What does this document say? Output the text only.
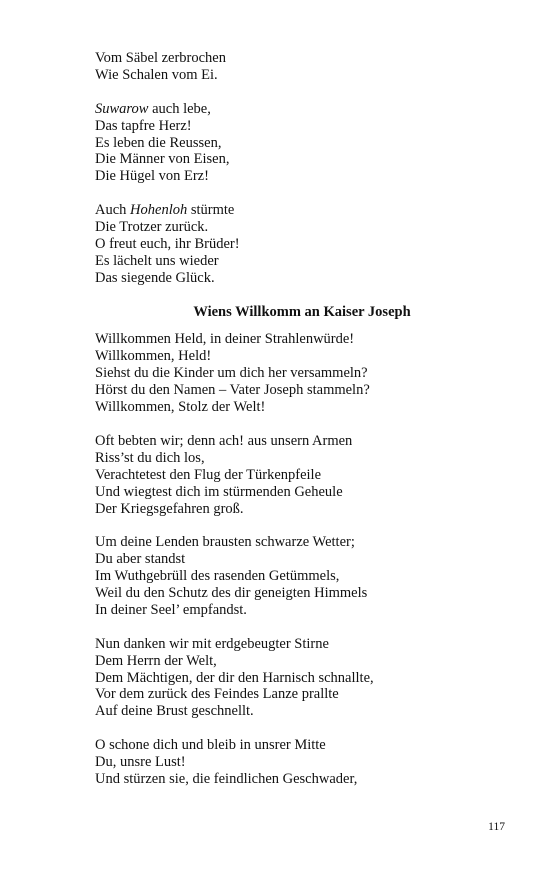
Vom Säbel zerbrochen
Wie Schalen vom Ei.
Suwarow auch lebe,
Das tapfre Herz!
Es leben die Reussen,
Die Männer von Eisen,
Die Hügel von Erz!
Auch Hohenloh stürmte
Die Trotzer zurück.
O freut euch, ihr Brüder!
Es lächelt uns wieder
Das siegende Glück.
Wiens Willkomm an Kaiser Joseph
Willkommen Held, in deiner Strahlenwürde!
Willkommen, Held!
Siehst du die Kinder um dich her versammeln?
Hörst du den Namen – Vater Joseph stammeln?
Willkommen, Stolz der Welt!
Oft bebten wir; denn ach! aus unsern Armen
Riss’st du dich los,
Verachtetest den Flug der Türkenpfeile
Und wiegtest dich im stürmenden Geheule
Der Kriegsgefahren groß.
Um deine Lenden brausten schwarze Wetter;
Du aber standst
Im Wuthgebrüll des rasenden Getümmels,
Weil du den Schutz des dir geneigten Himmels
In deiner Seel’ empfandst.
Nun danken wir mit erdgebeugter Stirne
Dem Herrn der Welt,
Dem Mächtigen, der dir den Harnisch schnallte,
Vor dem zurück des Feindes Lanze prallte
Auf deine Brust geschnellt.
O schone dich und bleib in unsrer Mitte
Du, unsre Lust!
Und stürzen sie, die feindlichen Geschwader,
117
